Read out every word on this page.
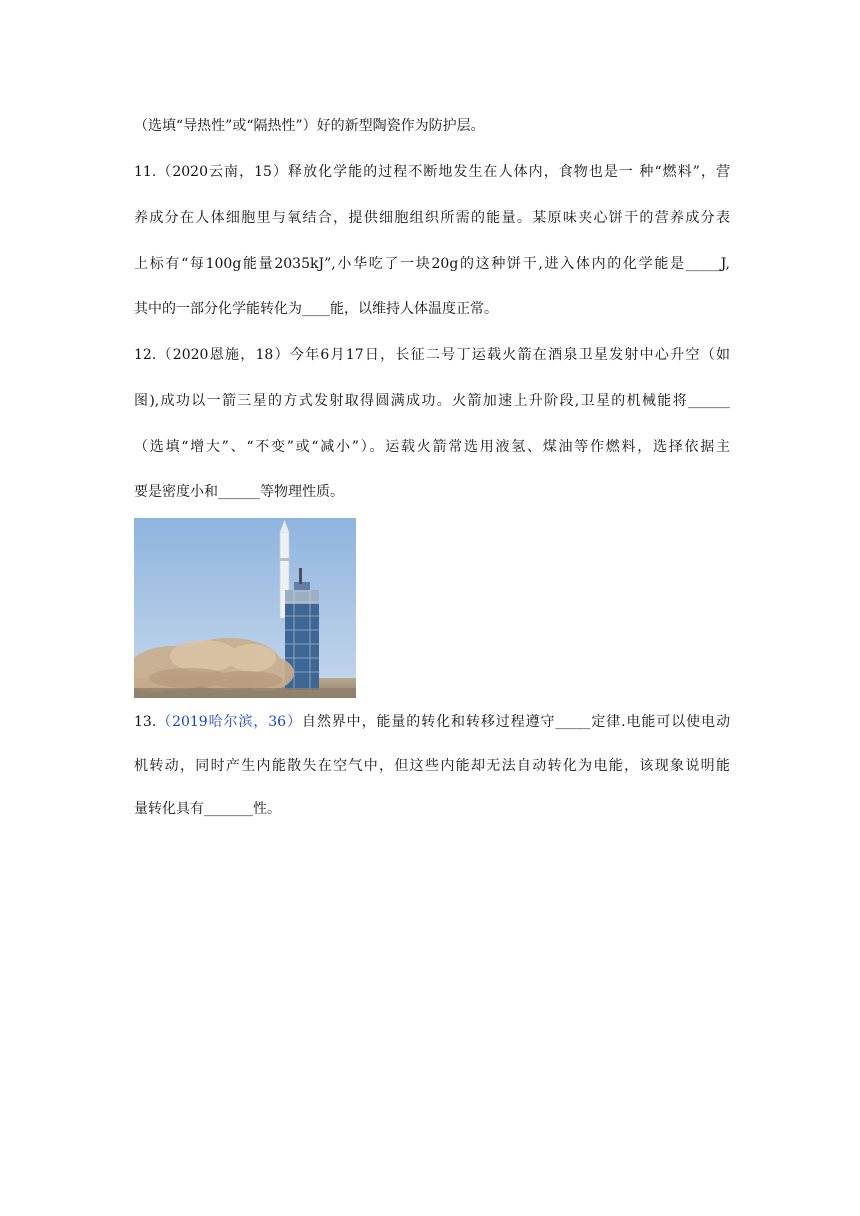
（选填“导热性”或“隔热性”）好的新型陶瓷作为防护层。
11.（2020云南，15）释放化学能的过程不断地发生在人体内，食物也是一 种“燃料”，营
养成分在人体细胞里与氧结合，提供细胞组织所需的能量。某原味夹心饼干的营养成分表
上标有“每100g能量2035kJ”,小华吃了一块20g的这种饼干,进入体内的化学能是_____J,
其中的一部分化学能转化为____能，以维持人体温度正常。
12.（2020恩施，18）今年6月17日，长征二号丁运载火箭在酒泉卫星发射中心升空（如
图),成功以一箭三星的方式发射取得圆满成功。火箭加速上升阶段,卫星的机械能将______
（选填“增大”、“不变”或“减小”）。运载火箭常选用液氢、煤油等作燃料，选择依据主
要是密度小和______等物理性质。
13.（2019哈尔滨，36）自然界中，能量的转化和转移过程遵守_____定律.电能可以使电动
机转动，同时产生内能散失在空气中，但这些内能却无法自动转化为电能，该现象说明能
量转化具有_______性。
